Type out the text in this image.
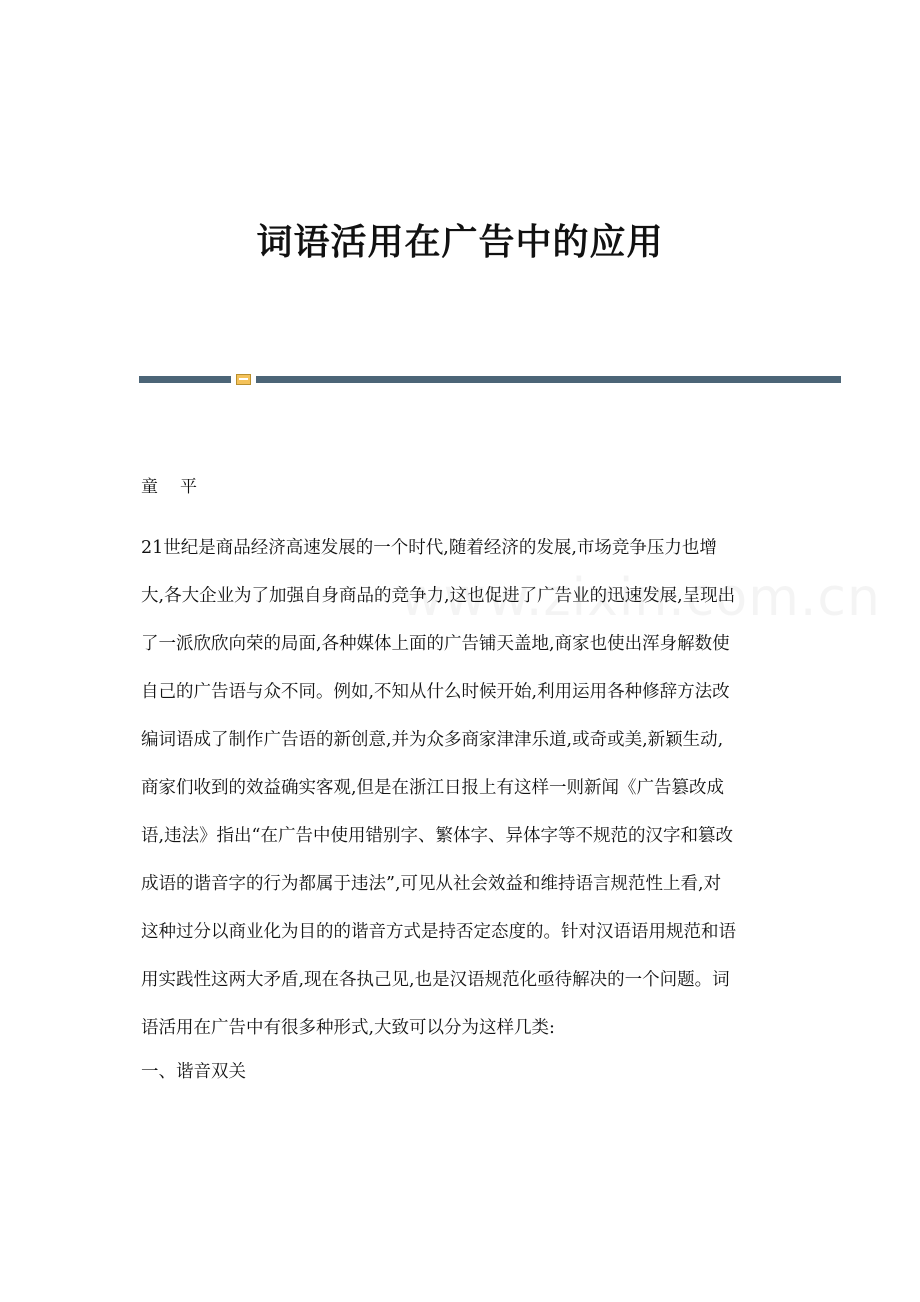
词语活用在广告中的应用
童平
21世纪是商品经济高速发展的一个时代,随着经济的发展,市场竞争压力也增
大,各大企业为了加强自身商品的竞争力,这也促进了广告业的迅速发展,呈现出
了一派欣欣向荣的局面,各种媒体上面的广告铺天盖地,商家也使出浑身解数使
自己的广告语与众不同。例如,不知从什么时候开始,利用运用各种修辞方法改
编词语成了制作广告语的新创意,并为众多商家津津乐道,或奇或美,新颖生动,
商家们收到的效益确实客观,但是在浙江日报上有这样一则新闻《广告篡改成
语,违法》指出“在广告中使用错别字、繁体字、异体字等不规范的汉字和篡改
成语的谐音字的行为都属于违法”,可见从社会效益和维持语言规范性上看,对
这种过分以商业化为目的的谐音方式是持否定态度的。针对汉语语用规范和语
用实践性这两大矛盾,现在各执己见,也是汉语规范化亟待解决的一个问题。词
语活用在广告中有很多种形式,大致可以分为这样几类:
一、谐音双关
